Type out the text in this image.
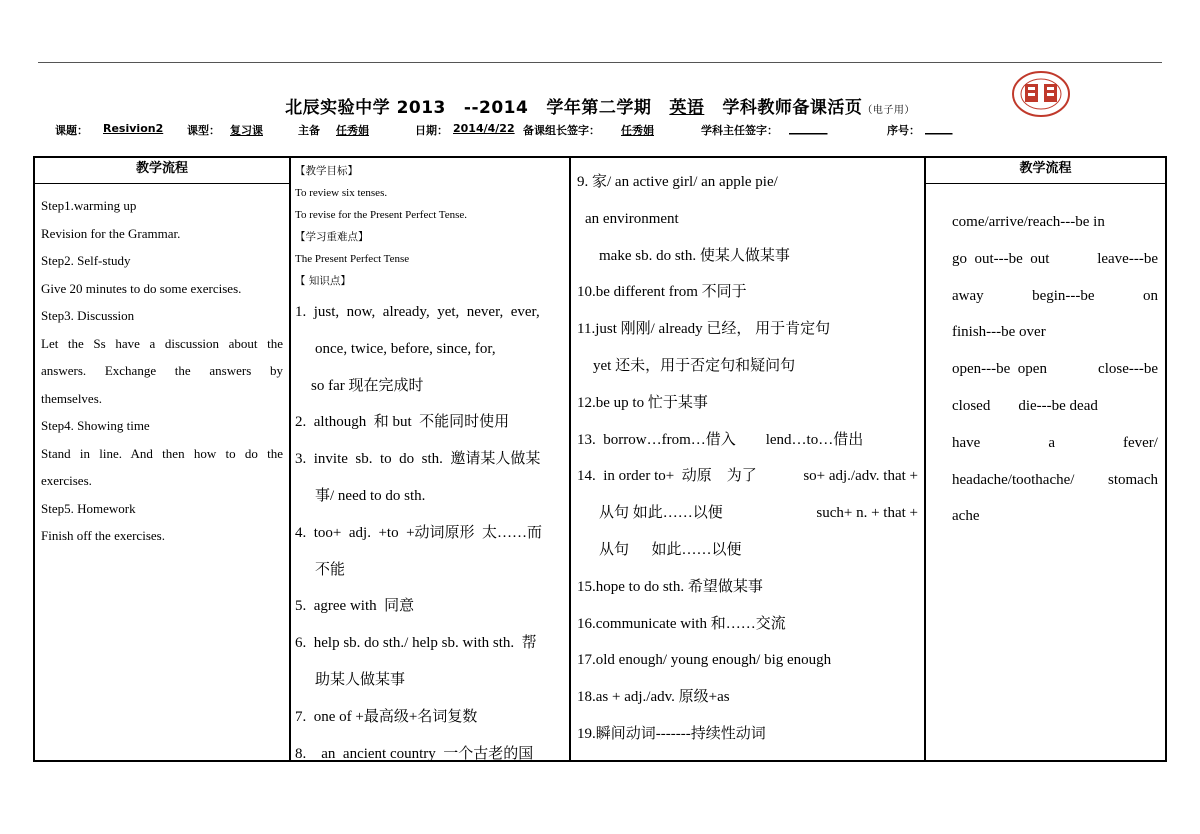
北辰实验中学 2013 --2014 学年第二学期 英语 学科教师备课活页（电子用）
课题： Resivion2 课型： 复习课	主备 任秀娟	日期： 2014/4/22 备课组长签字： 任秀娟	学科主任签字： _______	序号： _____
教学流程
Step1.warming up
Revision for the Grammar.
Step2. Self-study
Give 20 minutes to do some exercises.
Step3. Discussion
Let the Ss have a discussion about the
answers. Exchange the answers by
themselves.
Step4. Showing time
Stand in line. And then how to do the
exercises.
Step5. Homework
Finish off the exercises.
【教学目标】
To review six tenses.
To revise for the Present Perfect Tense.
【学习重难点】
The Present Perfect Tense
【 知识点】
1.  just,  now,  already,  yet,  never,  ever,
once, twice, before, since, for,
so far 现在完成时
2.  although  和 but  不能同时使用
3.  invite  sb.  to  do  sth.  邀请某人做某
事/ need to do sth.
4.  too+  adj.  +to  +动词原形  太……而
不能
5.  agree with  同意
6.  help sb. do sth./ help sb. with sth.  帮
助某人做某事
7.  one of +最高级+名词复数
8.    an  ancient country  一个古老的国
9. 家/ an active girl/ an apple pie/
an environment
make sb. do sth. 使某人做某事
10.be different from 不同于
11.just 刚刚/ already 已经， 用于肯定句
yet 还未，用于否定句和疑问句
12.be up to 忙于某事
13.  borrow…from…借入 lend…to…借出
14.  in order to+  动原    为了	so+ adj./adv. that +
从句 如此……以便	such+ n. + that +
从句      如此……以便
15.hope to do sth. 希望做某事
16.communicate with 和……交流
17.old enough/ young enough/ big enough
18.as + adj./adv. 原级+as
19.瞬间动词-------持续性动词
教学流程
come/arrive/reach---be in
go  out---be  out	leave---be
away	begin---be	on
finish---be over
open---be  open	close---be
closed die---be dead
have	a	fever/
headache/toothache/ stomach
ache
